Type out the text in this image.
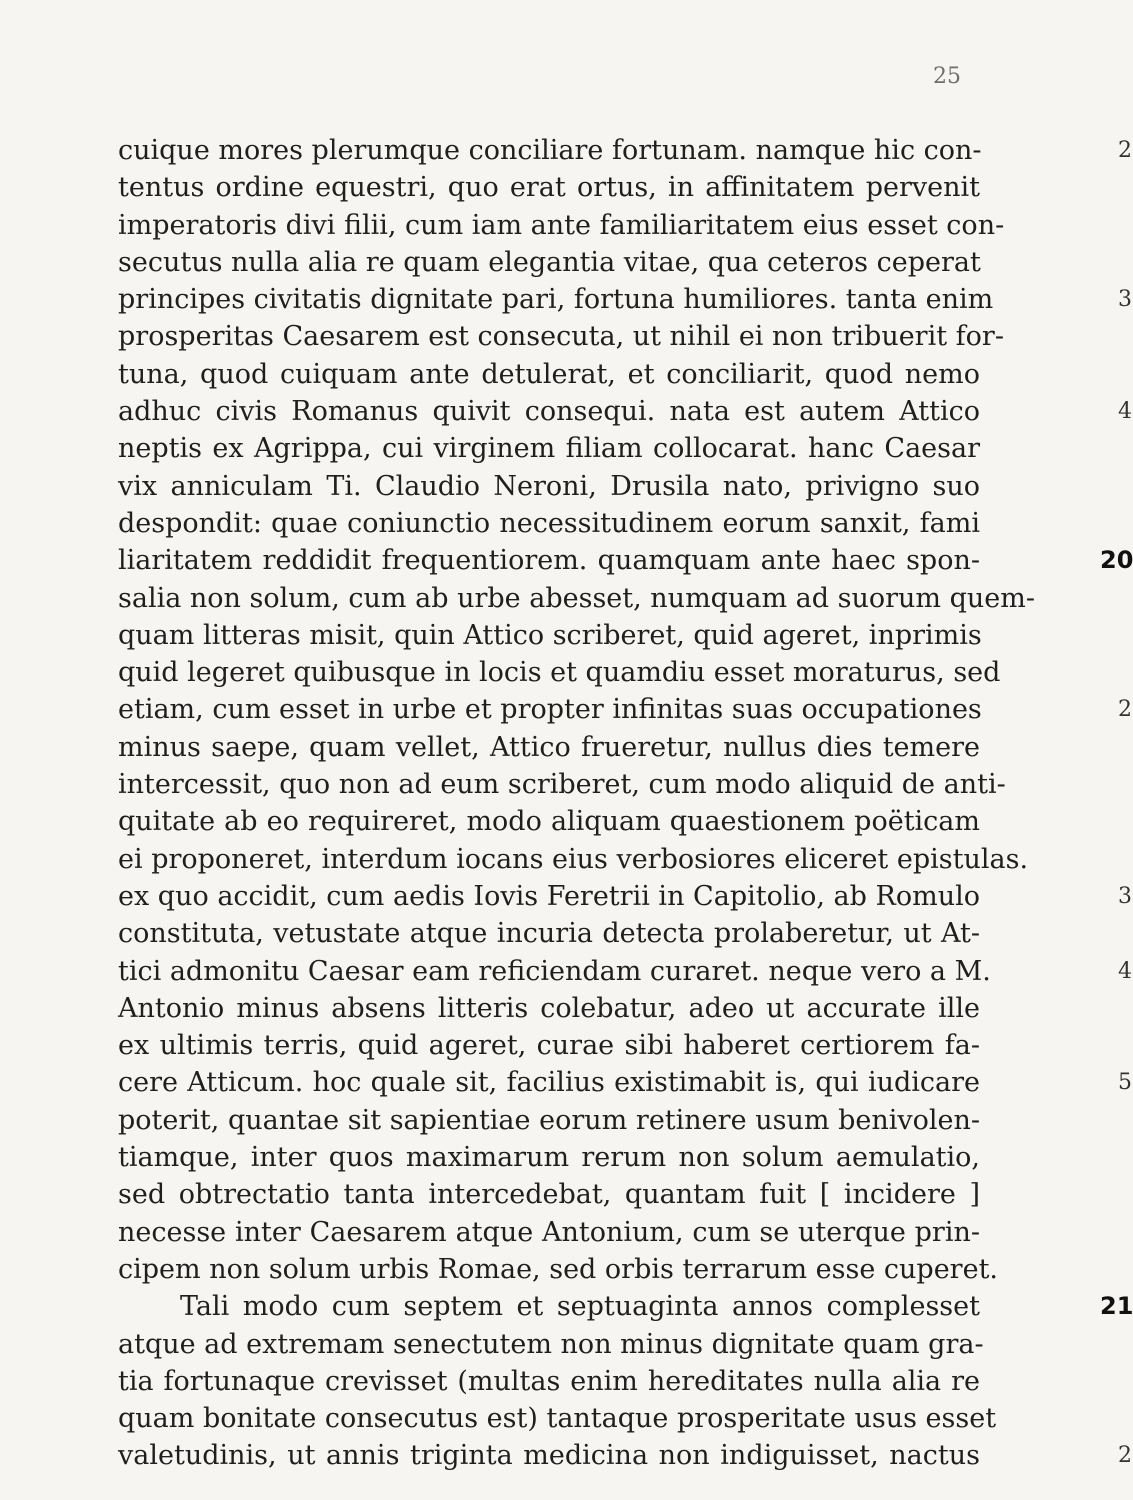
25
cuique mores plerumque conciliare fortunam. namque hic con-	2
tentus ordine equestri, quo erat ortus, in affinitatem pervenit
imperatoris divi filii, cum iam ante familiaritatem eius esset con-
secutus nulla alia re quam elegantia vitae, qua ceteros ceperat
principes civitatis dignitate pari, fortuna humiliores. tanta enim	3
prosperitas Caesarem est consecuta, ut nihil ei non tribuerit for-
tuna, quod cuiquam ante detulerat, et conciliarit, quod nemo
adhuc civis Romanus quivit consequi. nata est autem Attico	4
neptis ex Agrippa, cui virginem filiam collocarat. hanc Caesar
vix anniculam Ti. Claudio Neroni, Drusila nato, privigno suo
despondit: quae coniunctio necessitudinem eorum sanxit, fami
liaritatem reddidit frequentiorem. quamquam ante haec spon-	20
salia non solum, cum ab urbe abesset, numquam ad suorum quem-
quam litteras misit, quin Attico scriberet, quid ageret, inprimis
quid legeret quibusque in locis et quamdiu esset moraturus, sed
etiam, cum esset in urbe et propter infinitas suas occupationes	2
minus saepe, quam vellet, Attico frueretur, nullus dies temere
intercessit, quo non ad eum scriberet, cum modo aliquid de anti-
quitate ab eo requireret, modo aliquam quaestionem poëticam
ei proponeret, interdum iocans eius verbosiores eliceret epistulas.
ex quo accidit, cum aedis Iovis Feretrii in Capitolio, ab Romulo	3
constituta, vetustate atque incuria detecta prolaberetur, ut At-
tici admonitu Caesar eam reficiendam curaret. neque vero a M.	4
Antonio minus absens litteris colebatur, adeo ut accurate ille
ex ultimis terris, quid ageret, curae sibi haberet certiorem fa-
cere Atticum. hoc quale sit, facilius existimabit is, qui iudicare	5
poterit, quantae sit sapientiae eorum retinere usum benivolen-
tiamque, inter quos maximarum rerum non solum aemulatio,
sed obtrectatio tanta intercedebat, quantam fuit [ incidere ]
necesse inter Caesarem atque Antonium, cum se uterque prin-
cipem non solum urbis Romae, sed orbis terrarum esse cuperet.
Tali modo cum septem et septuaginta annos complesset	21
atque ad extremam senectutem non minus dignitate quam gra-
tia fortunaque crevisset (multas enim hereditates nulla alia re
quam bonitate consecutus est) tantaque prosperitate usus esset
valetudinis, ut annis triginta medicina non indiguisset, nactus	2
